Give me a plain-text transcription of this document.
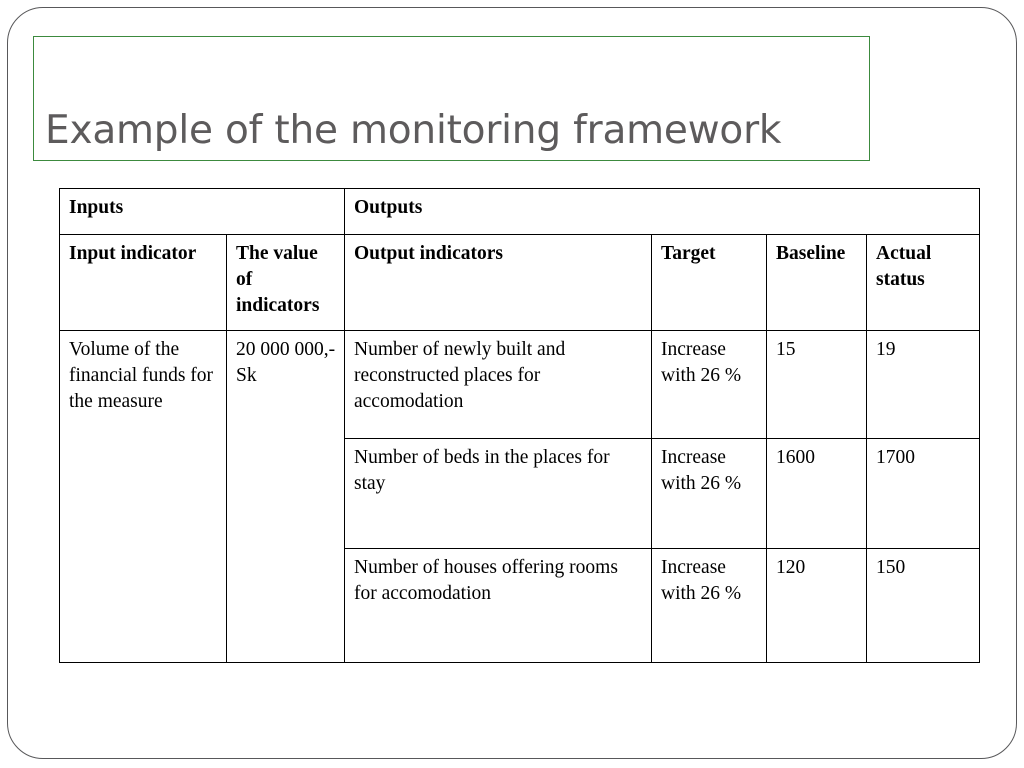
Example of the monitoring framework
Inputs		Outputs			
Input indicator	The value of indicators	Output indicators	Target	Baseline	Actual status
Volume of the financial funds for the measure	20 000 000,- Sk	Number of newly built and reconstructed places for accomodation	Increase with 26 %	15	19
		Number of beds in the places for stay	Increase with 26 %	1600	1700
		Number of houses offering rooms for accomodation	Increase with 26 %	120	150
